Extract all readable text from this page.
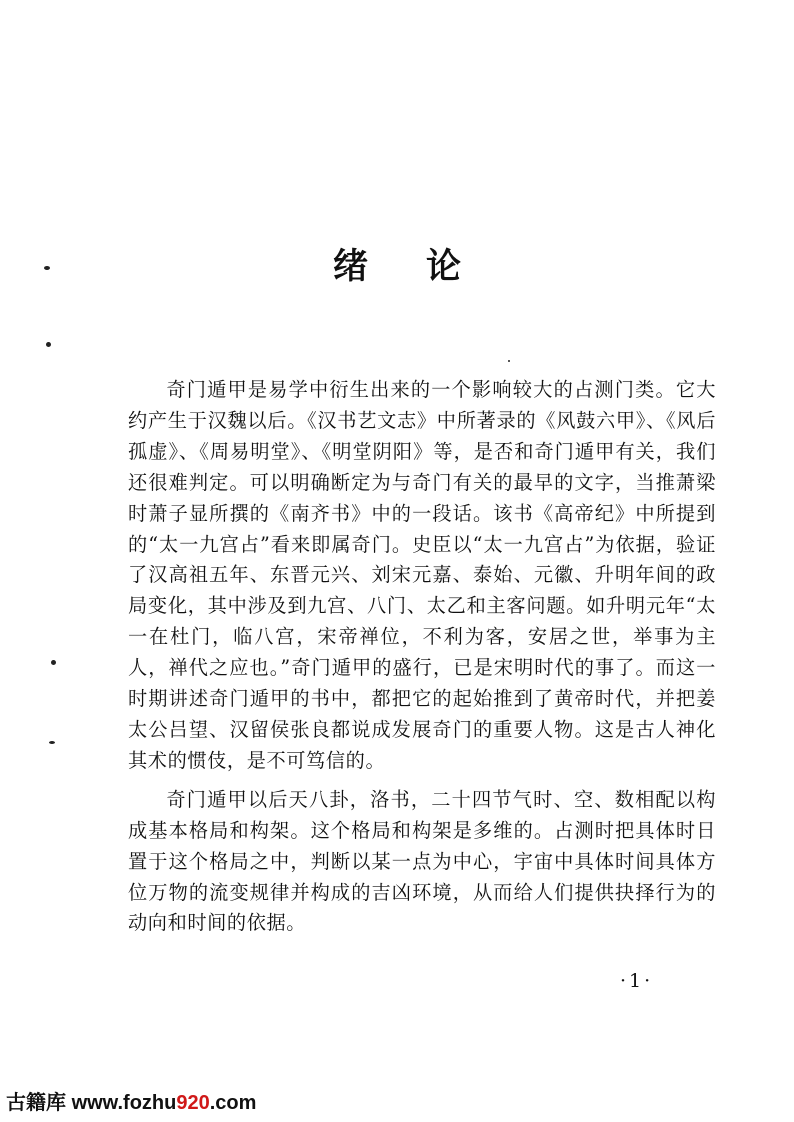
绪 论

奇门遁甲是易学中衍生出来的一个影响较大的占测门类。它大约产生于汉魏以后。《汉书艺文志》中所著录的《风鼓六甲》、《风后孤虚》、《周易明堂》、《明堂阴阳》等，是否和奇门遁甲有关，我们还很难判定。可以明确断定为与奇门有关的最早的文字，当推萧梁时萧子显所撰的《南齐书》中的一段话。该书《高帝纪》中所提到的“太一九宫占”看来即属奇门。史臣以“太一九宫占”为依据，验证了汉高祖五年、东晋元兴、刘宋元嘉、泰始、元徽、升明年间的政局变化，其中涉及到九宫、八门、太乙和主客问题。如升明元年“太一在杜门，临八宫，宋帝禅位，不利为客，安居之世，举事为主人，禅代之应也。”奇门遁甲的盛行，已是宋明时代的事了。而这一时期讲述奇门遁甲的书中，都把它的起始推到了黄帝时代，并把姜太公吕望、汉留侯张良都说成发展奇门的重要人物。这是古人神化其术的惯伎，是不可笃信的。

奇门遁甲以后天八卦，洛书，二十四节气时、空、数相配以构成基本格局和构架。这个格局和构架是多维的。占测时把具体时日置于这个格局之中，判断以某一点为中心，宇宙中具体时间具体方位万物的流变规律并构成的吉凶环境，从而给人们提供抉择行为的动向和时间的依据。

·1·
古籍库 www.fozhu920.com
